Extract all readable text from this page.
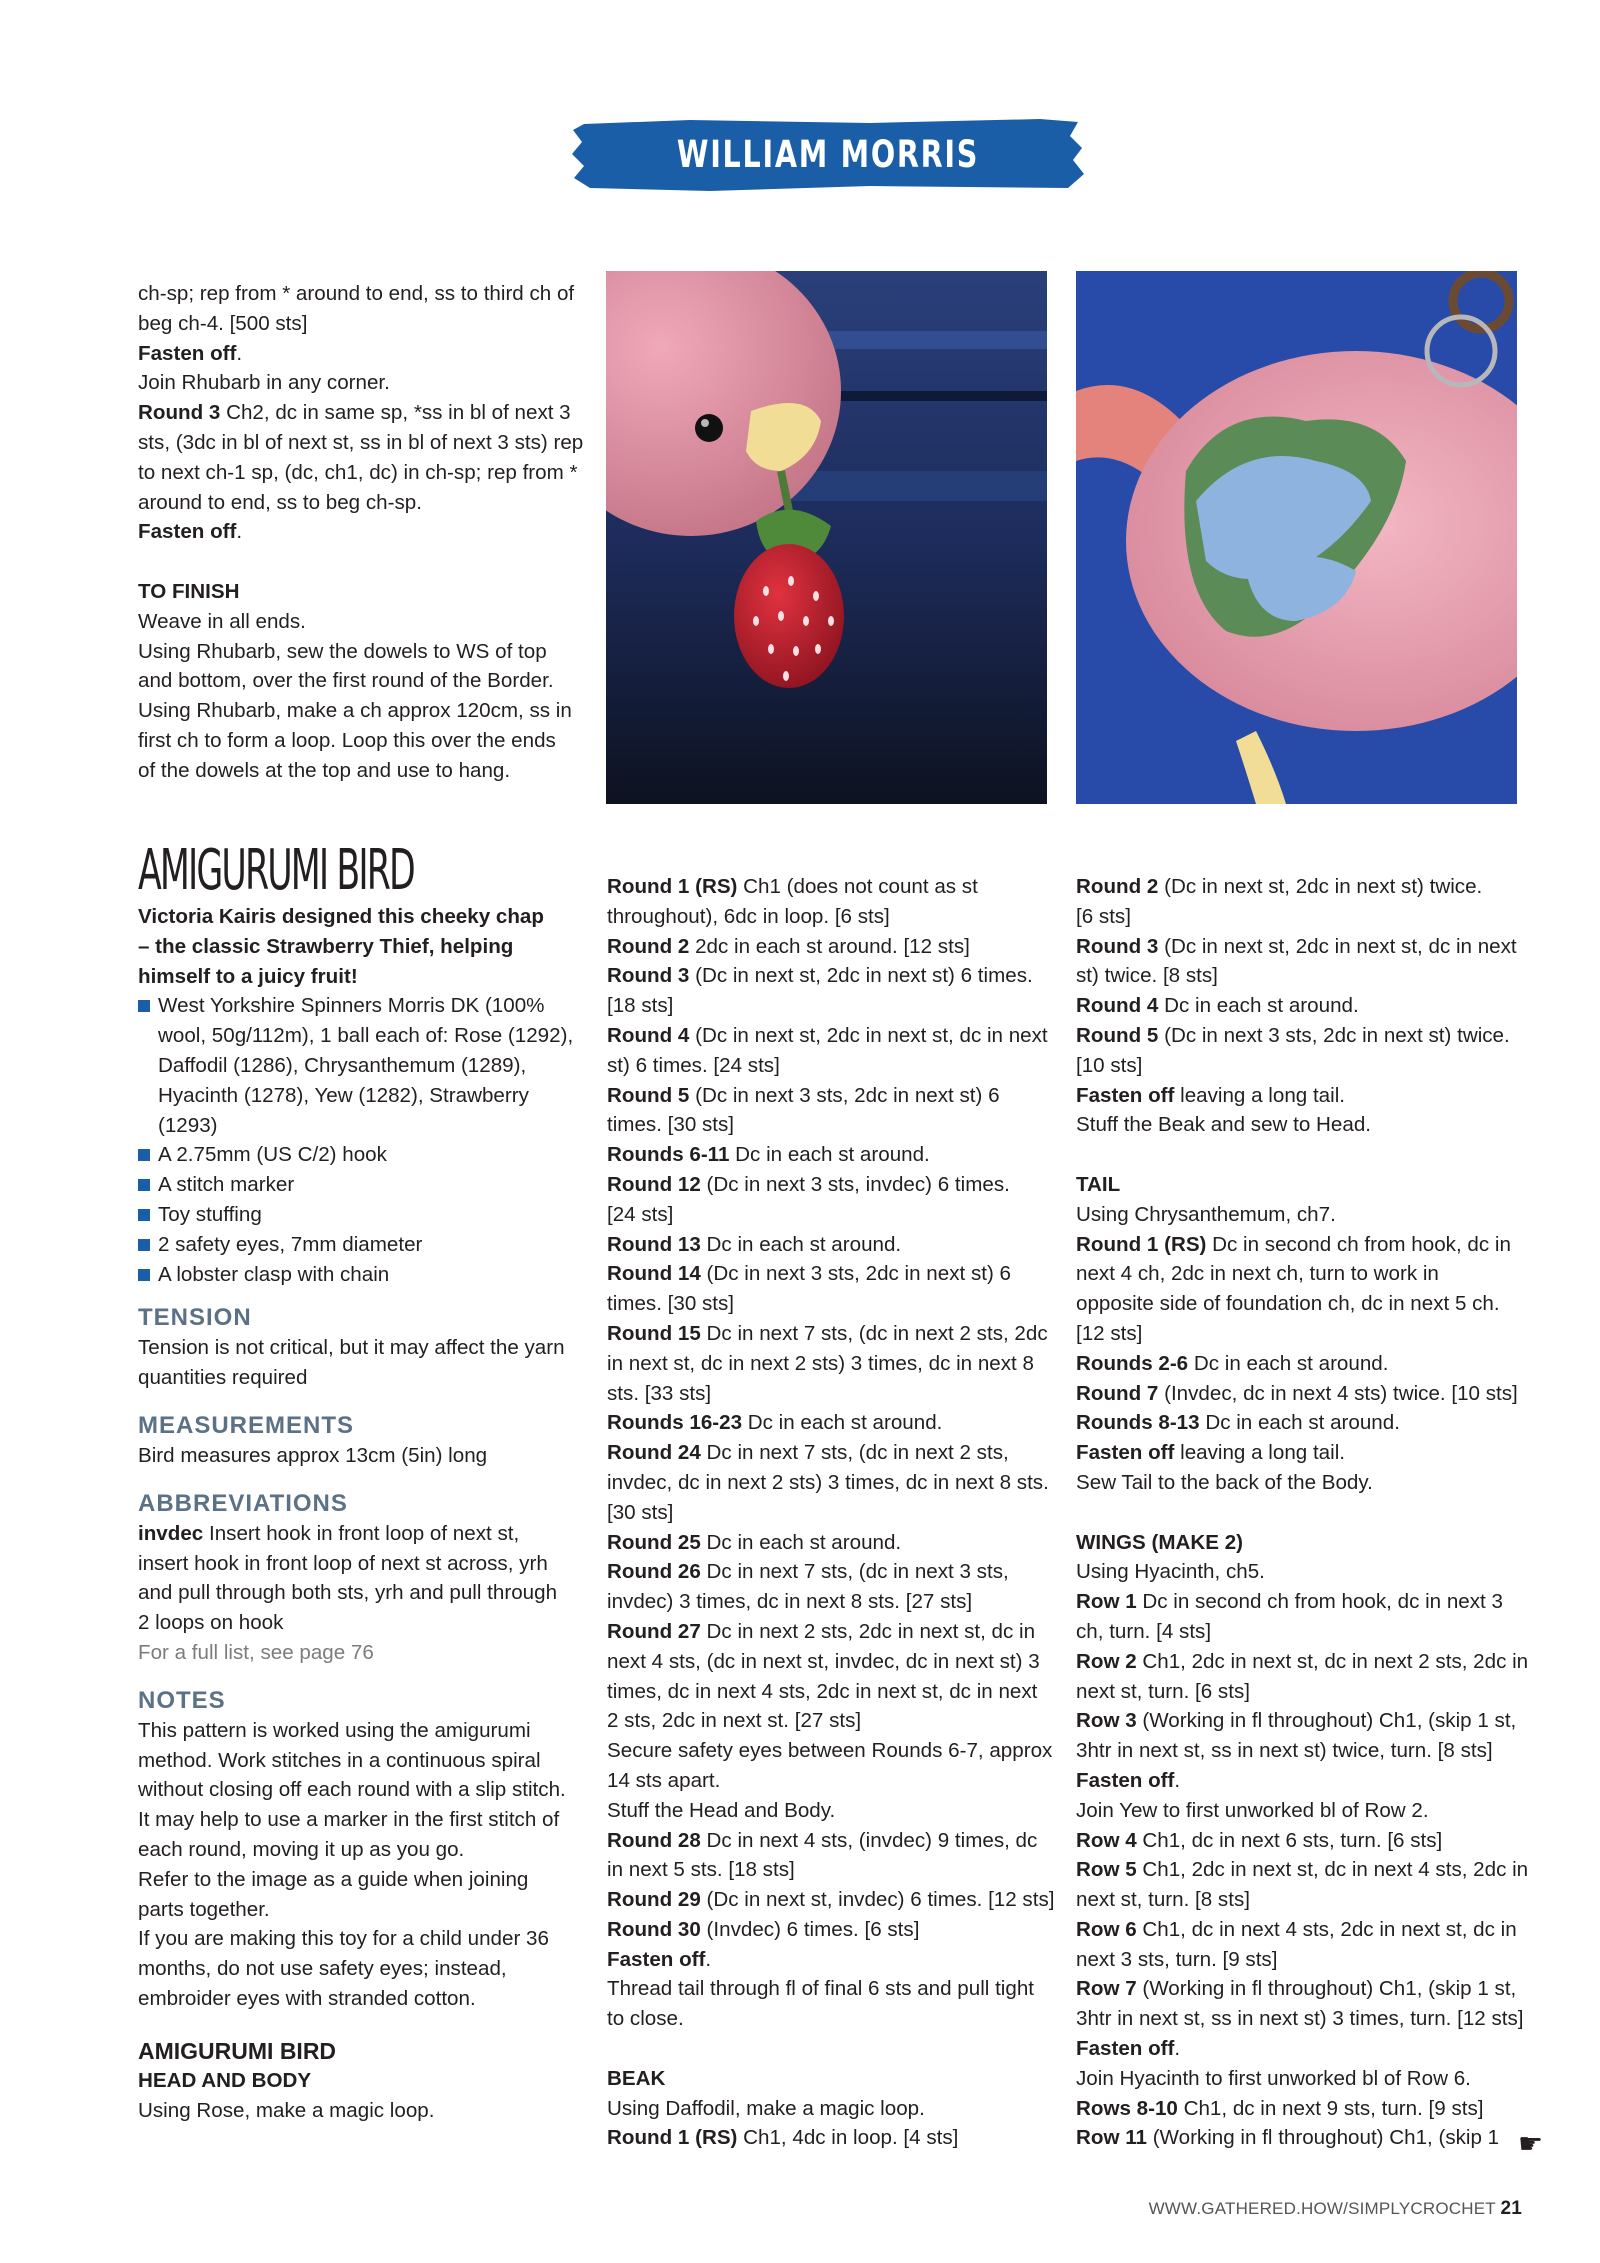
WILLIAM MORRIS COLLECTION

ch-sp; rep from * around to end, ss to third ch of

beg ch-4. [500 sts]

Fasten off.

Join Rhubarb in any corner.

Round 3 Ch2, dc in same sp, *ss in bl of next 3

sts, (3dc in bl of next st, ss in bl of next 3 sts) rep

to next ch-1 sp, (dc, ch1, dc) in ch-sp; rep from *

around to end, ss to beg ch-sp.

Fasten off.

TO FINISH

Weave in all ends.

Using Rhubarb, sew the dowels to WS of top

and bottom, over the first round of the Border.

Using Rhubarb, make a ch approx 120cm, ss in

first ch to form a loop. Loop this over the ends

of the dowels at the top and use to hang.

AMIGURUMI BIRD

Victoria Kairis designed this cheeky chap

– the classic Strawberry Thief, helping

himself to a juicy fruit!

West Yorkshire Spinners Morris DK (100%
wool, 50g/112m), 1 ball each of: Rose (1292),
Daffodil (1286), Chrysanthemum (1289),
Hyacinth (1278), Yew (1282), Strawberry (1293)
A 2.75mm (US C/2) hook
A stitch marker
Toy stuffing
2 safety eyes, 7mm diameter
A lobster clasp with chain

TENSION

Tension is not critical, but it may affect the yarn

quantities required

MEASUREMENTS

Bird measures approx 13cm (5in) long

ABBREVIATIONS

invdec Insert hook in front loop of next st,

insert hook in front loop of next st across, yrh

and pull through both sts, yrh and pull through

2 loops on hook

For a full list, see page 76

NOTES

This pattern is worked using the amigurumi

method. Work stitches in a continuous spiral

without closing off each round with a slip stitch.

It may help to use a marker in the first stitch of

each round, moving it up as you go.

Refer to the image as a guide when joining

parts together.

If you are making this toy for a child under 36

months, do not use safety eyes; instead,

embroider eyes with stranded cotton.

AMIGURUMI BIRD

HEAD AND BODY

Using Rose, make a magic loop.

Round 1 (RS) Ch1 (does not count as st

throughout), 6dc in loop. [6 sts]

Round 2 2dc in each st around. [12 sts]

Round 3 (Dc in next st, 2dc in next st) 6 times.

[18 sts]

Round 4 (Dc in next st, 2dc in next st, dc in next

st) 6 times. [24 sts]

Round 5 (Dc in next 3 sts, 2dc in next st) 6

times. [30 sts]

Rounds 6-11 Dc in each st around.

Round 12 (Dc in next 3 sts, invdec) 6 times.

[24 sts]

Round 13 Dc in each st around.

Round 14 (Dc in next 3 sts, 2dc in next st) 6

times. [30 sts]

Round 15 Dc in next 7 sts, (dc in next 2 sts, 2dc

in next st, dc in next 2 sts) 3 times, dc in next 8

sts. [33 sts]

Rounds 16-23 Dc in each st around.

Round 24 Dc in next 7 sts, (dc in next 2 sts,

invdec, dc in next 2 sts) 3 times, dc in next 8 sts.

[30 sts]

Round 25 Dc in each st around.

Round 26 Dc in next 7 sts, (dc in next 3 sts,

invdec) 3 times, dc in next 8 sts. [27 sts]

Round 27 Dc in next 2 sts, 2dc in next st, dc in

next 4 sts, (dc in next st, invdec, dc in next st) 3

times, dc in next 4 sts, 2dc in next st, dc in next

2 sts, 2dc in next st. [27 sts]

Secure safety eyes between Rounds 6-7, approx

14 sts apart.

Stuff the Head and Body.

Round 28 Dc in next 4 sts, (invdec) 9 times, dc

in next 5 sts. [18 sts]

Round 29 (Dc in next st, invdec) 6 times. [12 sts]

Round 30 (Invdec) 6 times. [6 sts]

Fasten off.

Thread tail through fl of final 6 sts and pull tight

to close.

BEAK

Using Daffodil, make a magic loop.

Round 1 (RS) Ch1, 4dc in loop. [4 sts]

Round 2 (Dc in next st, 2dc in next st) twice.

[6 sts]

Round 3 (Dc in next st, 2dc in next st, dc in next

st) twice. [8 sts]

Round 4 Dc in each st around.

Round 5 (Dc in next 3 sts, 2dc in next st) twice.

[10 sts]

Fasten off leaving a long tail.

Stuff the Beak and sew to Head.

TAIL

Using Chrysanthemum, ch7.

Round 1 (RS) Dc in second ch from hook, dc in

next 4 ch, 2dc in next ch, turn to work in

opposite side of foundation ch, dc in next 5 ch.

[12 sts]

Rounds 2-6 Dc in each st around.

Round 7 (Invdec, dc in next 4 sts) twice. [10 sts]

Rounds 8-13 Dc in each st around.

Fasten off leaving a long tail.

Sew Tail to the back of the Body.

WINGS (MAKE 2)

Using Hyacinth, ch5.

Row 1 Dc in second ch from hook, dc in next 3

ch, turn. [4 sts]

Row 2 Ch1, 2dc in next st, dc in next 2 sts, 2dc in

next st, turn. [6 sts]

Row 3 (Working in fl throughout) Ch1, (skip 1 st,

3htr in next st, ss in next st) twice, turn. [8 sts]

Fasten off.

Join Yew to first unworked bl of Row 2.

Row 4 Ch1, dc in next 6 sts, turn. [6 sts]

Row 5 Ch1, 2dc in next st, dc in next 4 sts, 2dc in

next st, turn. [8 sts]

Row 6 Ch1, dc in next 4 sts, 2dc in next st, dc in

next 3 sts, turn. [9 sts]

Row 7 (Working in fl throughout) Ch1, (skip 1 st,

3htr in next st, ss in next st) 3 times, turn. [12 sts]

Fasten off.

Join Hyacinth to first unworked bl of Row 6.

Rows 8-10 Ch1, dc in next 9 sts, turn. [9 sts]

Row 11 (Working in fl throughout) Ch1, (skip 1 ☛
WWW.GATHERED.HOW/SIMPLYCROCHET 21
